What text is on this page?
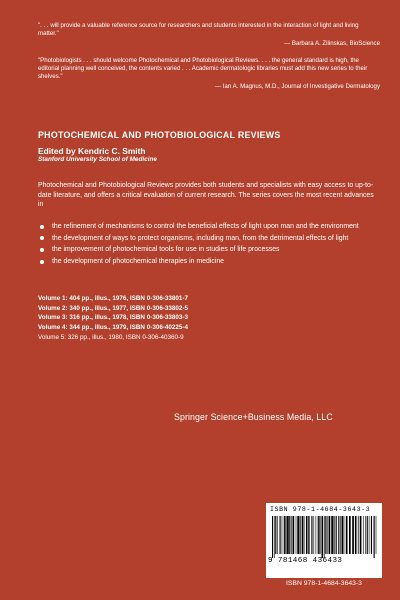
". . . will provide a valuable reference source for researchers and students interested in the interaction of light and living matter."
— Barbara A. Zilinskas, BioScience
"Photobiologists . . . should welcome Photochemical and Photobiological Reviews. . . . the general standard is high, the editorial planning well conceived, the contents varied . . . Academic dermatologic libraries must add this new series to their shelves."
— Ian A. Magnus, M.D., Journal of Investigative Dermatology
PHOTOCHEMICAL AND PHOTOBIOLOGICAL REVIEWS
Edited by Kendric C. Smith
Stanford University School of Medicine
Photochemical and Photobiological Reviews provides both students and specialists with easy access to up-to-date literature, and offers a critical evaluation of current research. The series covers the most recent advances in
the refinement of mechanisms to control the beneficial effects of light upon man and the environment
the development of ways to protect organisms, including man, from the detrimental effects of light
the improvement of photochemical tools for use in studies of life processes
the development of photochemical therapies in medicine
Volume 1: 404 pp., illus., 1976, ISBN 0-306-33801-7
Volume 2: 340 pp., illus., 1977, ISBN 0-306-33802-5
Volume 3: 316 pp., illus., 1978, ISBN 0-306-33803-3
Volume 4: 344 pp., illus., 1979, ISBN 0-306-40225-4
Volume 5: 326 pp., illus., 1980, ISBN 0-306-40360-9
Springer Science+Business Media, LLC
ISBN 978-1-4684-3643-3
9 781468 436433
ISBN 978-1-4684-3643-3
